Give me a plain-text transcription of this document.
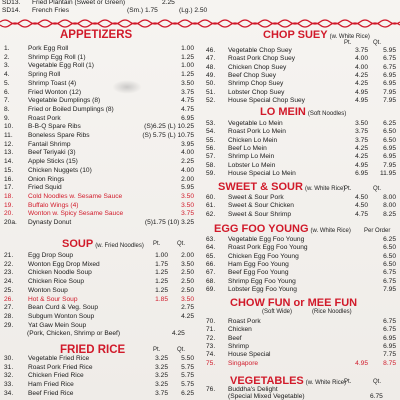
SD13.	Fried Plantain (Sweet or Green)	2.25
SD14.	French Fries	(Sm.) 1.75	(Lg.) 2.50
APPETIZERS
1.	Pork Egg Roll	1.00
2.	Shrimp Egg Roll (1)	1.25
3.	Vegetable Egg Roll (1)	1.00
4.	Spring Roll	1.25
5.	Shrimp Toast (4)	3.50
6.	Fried Wonton (12)	3.75
7.	Vegetable Dumplings (8)	4.75
8.	Fried or Boiled Dumplings (8)	4.75
9.	Roast Pork	6.95
10.	B-B-Q Spare Ribs	(S)6.25 (L) 10.25
11.	Boneless Spare Ribs	(S) 5.75 (L) 10.75
12.	Fantail Shrimp	3.95
13.	Beef Teriyaki (3)	4.00
14.	Apple Sticks (15)	2.25
15.	Chicken Nuggets (10)	4.00
16.	Onion Rings	2.00
17.	Fried Squid	5.95
18.	Cold Noodles w. Sesame Sauce	3.50
19.	Buffalo Wings (4)	3.50
20.	Wonton w. Spicy Sesame Sauce	3.75
20a.	Dynasty Donut	(5)1.75 (10) 3.25
SOUP (w. Fried Noodles) Pt.	Qt.
21.	Egg Drop Soup	1.00 2.00
22.	Wonton Egg Drop Mixed	1.75 3.50
23.	Chicken Noodle Soup	1.25 2.50
24.	Chicken Rice Soup	1.25 2.50
25.	Wonton Soup	1.25 2.50
26.	Hot & Sour Soup	1.85 3.50
27.	Bean Curd & Veg. Soup	2.75
28.	Subgum Wonton Soup	4.25
29.	Yat Gaw Mein Soup
(Pork, Chicken, Shrimp or Beef)	4.25
FRIED RICE	Pt.	Qt.
30.	Vegetable Fried Rice	3.25 5.50
31.	Roast Pork Fried Rice	3.25 5.75
32.	Chicken Fried Rice	3.25 5.75
33.	Ham Fried Rice	3.25 5.75
34.	Beef Fried Rice	3.75 6.25
CHOP SUEY (w. White Rice)
Pt.	Qt.
46.	Vegetable Chop Suey	3.75 5.95
47.	Roast Pork Chop Suey	4.00 6.75
48.	Chicken Chop Suey	4.00 6.75
49.	Beef Chop Suey	4.25 6.95
50.	Shrimp Chop Suey	4.25 6.95
51.	Lobster Chop Suey	4.95 7.95
52.	House Special Chop Suey	4.95 7.95
LO MEIN (Soft Noodles)
53.	Vegetable Lo Mein	3.50 6.25
54.	Roast Pork Lo Mein	3.75 6.50
55.	Chicken Lo Mein	3.75 6.50
56.	Beef Lo Mein	4.25 6.95
57.	Shrimp Lo Mein	4.25 6.95
58.	Lobster Lo Mein	4.95 7.95
59.	House Special Lo Mein	6.95 11.95
SWEET & SOUR (w. White Rice)
Pt.	Qt.
60.	Sweet & Sour Pork	4.50 8.00
61.	Sweet & Sour Chicken	4.50 8.00
62.	Sweet & Sour Shrimp	4.75 8.25
EGG FOO YOUNG (w. White Rice) Per Order
63.	Vegetable Egg Foo Young	6.25
64.	Roast Pork Egg Foo Young	6.50
65.	Chicken Egg Foo Young	6.50
66.	Ham Egg Foo Young	6.50
67.	Beef Egg Foo Young	6.75
68.	Shrimp Egg Foo Young	6.75
69.	Lobster Egg Foo Young	7.95
CHOW FUN or MEE FUN
(Soft Wide)	(Rice Noodles)
70.	Roast Pork	6.75
71.	Chicken	6.75
72.	Beef	6.95
73.	Shrimp	6.95
74.	House Special	7.75
75.	Singapore	4.95 8.75
VEGETABLES (w. White Rice)
Pt.	Qt.
76.	Buddha's Delight
(Special Mixed Vegetable)	6.75
